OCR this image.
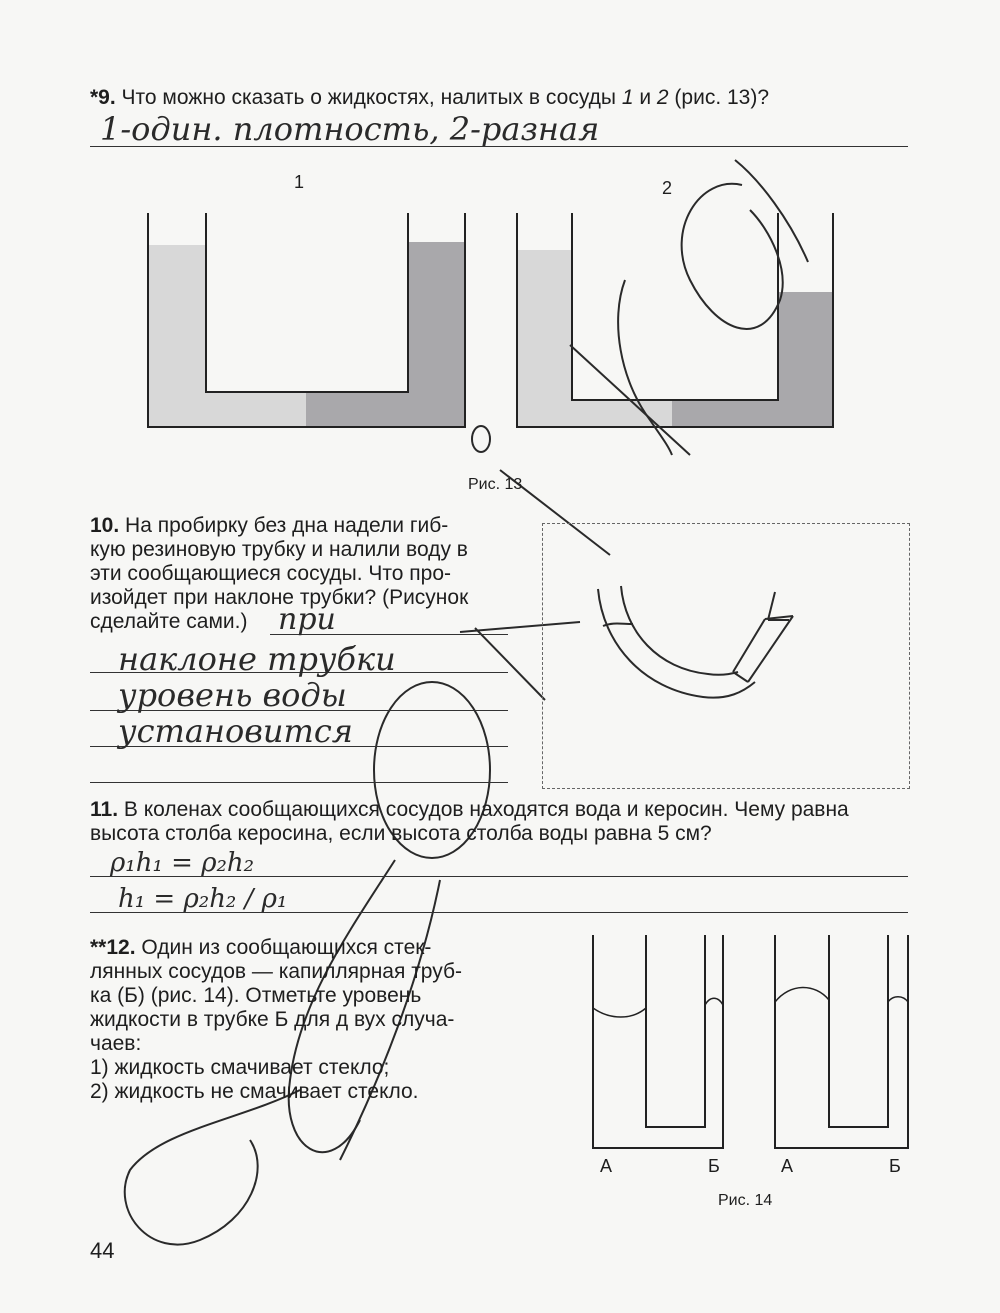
*9. Что можно сказать о жидкостях, налитых в сосуды 1 и 2 (рис. 13)?
1-один. плотность, 2-разная
1	2
Рис. 13
10. На пробирку без дна надели гиб-
кую резиновую трубку и налили воду в
эти сообщающиеся сосуды. Что про-
изойдет при наклоне трубки? (Рисунок
сделайте сами.)	при
наклоне трубки
уровень воды
установится
11. В коленах сообщающихся сосудов находятся вода и керосин. Чему равна
высота столба керосина, если высота столба воды равна 5 см?
ρ₁h₁ = ρ₂h₂
h₁ = ρ₂h₂ / ρ₁
**12. Один из сообщающихся стек-
лянных сосудов — капиллярная труб-
ка (Б) (рис. 14). Отметьте уровень
жидкости в трубке Б для д вух случа-
чаев:
1) жидкость смачивает стекло;
2) жидкость не смачивает стекло.
А	Б	А	Б
Рис. 14
44
